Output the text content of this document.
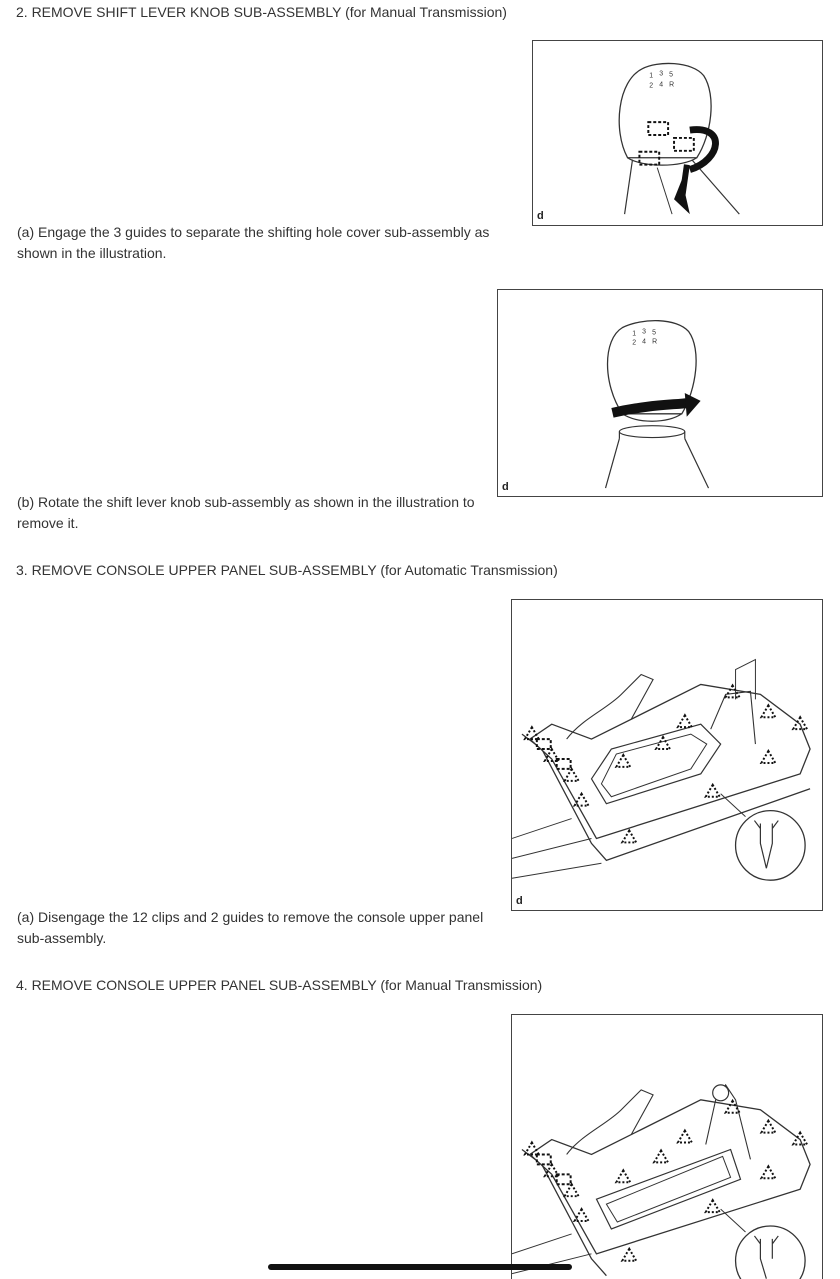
2. REMOVE SHIFT LEVER KNOB SUB-ASSEMBLY (for Manual Transmission)

1 3 5
2 4 R
d

(a) Engage the 3 guides to separate the shifting hole cover sub-assembly as shown in the illustration.

1 3 5
2 4 R
d

(b) Rotate the shift lever knob sub-assembly as shown in the illustration to remove it.

3. REMOVE CONSOLE UPPER PANEL SUB-ASSEMBLY (for Automatic Transmission)

d

(a) Disengage the 12 clips and 2 guides to remove the console upper panel sub-assembly.

4. REMOVE CONSOLE UPPER PANEL SUB-ASSEMBLY (for Manual Transmission)
